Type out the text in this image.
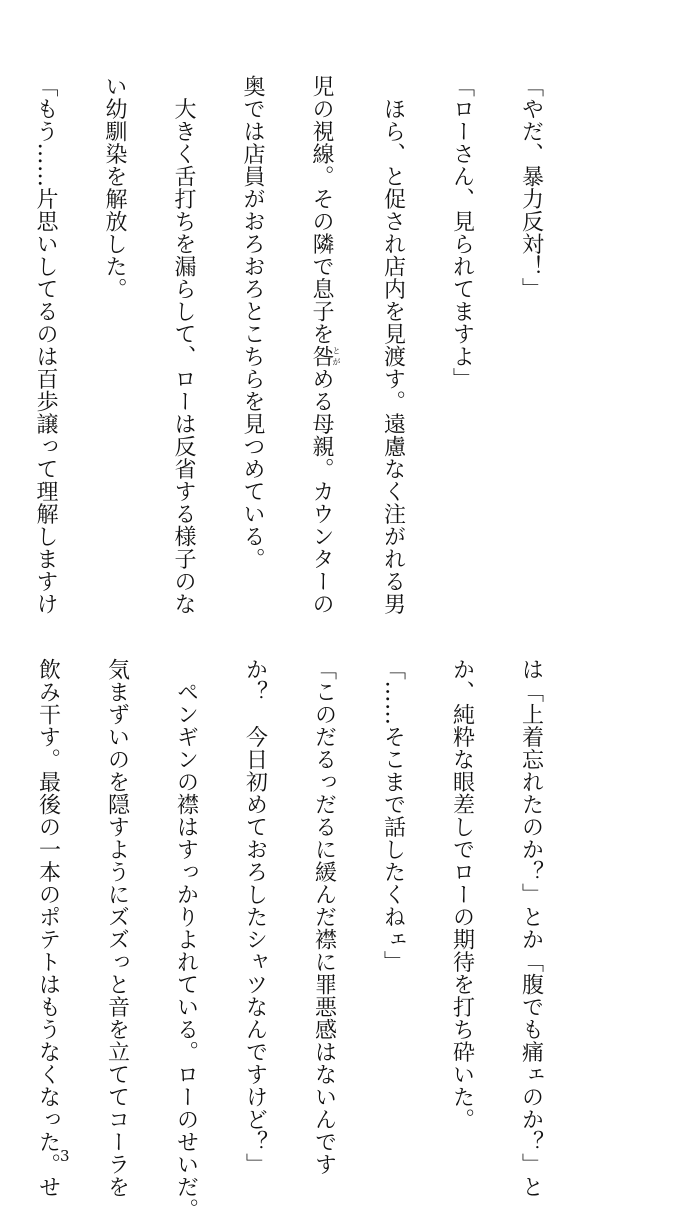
「やだ、暴力反対！」

「ローさん、見られてますよ」

　ほら、と促され店内を見渡す。遠慮なく注がれる男

児の視線。その隣で息子を咎とがめる母親。カウンターの

奥では店員がおろおろとこちらを見つめている。

　大きく舌打ちを漏らして、ローは反省する様子のな

い幼馴染を解放した。

「もう……片思いしてるのは百歩譲って理解しますけ

は「上着忘れたのか？」とか「腹でも痛ェのか？」と

か、純粋な眼差しでローの期待を打ち砕いた。

「……そこまで話したくねェ」

「このだるっだるに緩んだ襟に罪悪感はないんです

か？　今日初めておろしたシャツなんですけど？」

　ペンギンの襟はすっかりよれている。ローのせいだ。

気まずいのを隠すようにズズっと音を立ててコーラを

飲み干す。最後の一本のポテトはもうなくなった。せ

3
